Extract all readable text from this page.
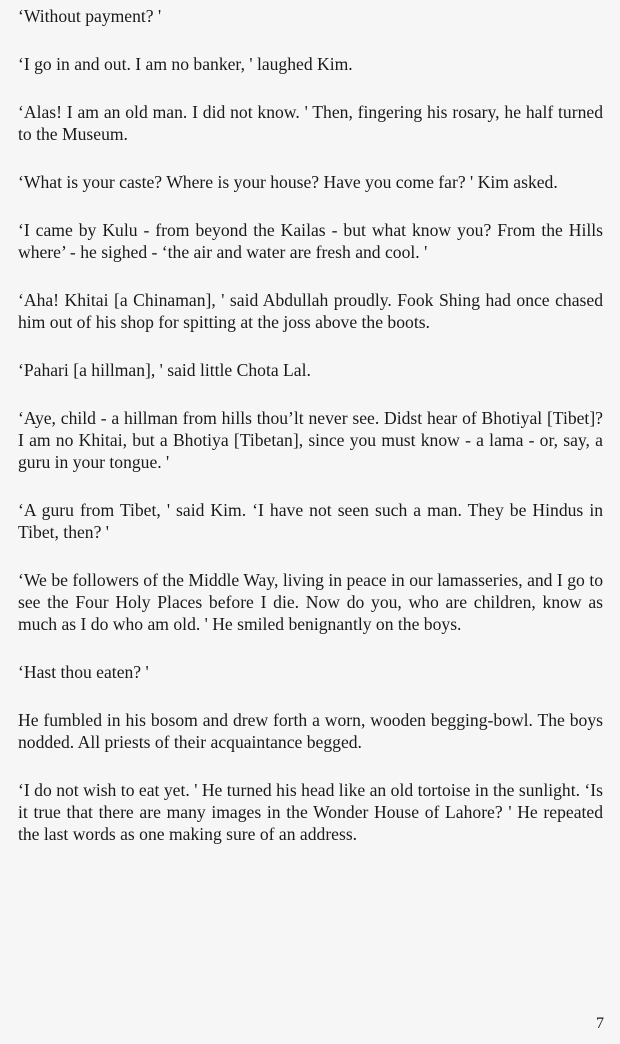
‘Without payment? '

‘I go in and out. I am no banker, ' laughed Kim.

‘Alas! I am an old man. I did not know. ' Then, fingering his rosary, he half turned to the Museum.

‘What is your caste? Where is your house? Have you come far? ' Kim asked.

‘I came by Kulu - from beyond the Kailas - but what know you? From the Hills where’ - he sighed - ‘the air and water are fresh and cool. '

‘Aha! Khitai [a Chinaman], ' said Abdullah proudly. Fook Shing had once chased him out of his shop for spitting at the joss above the boots.

‘Pahari [a hillman], ' said little Chota Lal.

‘Aye, child - a hillman from hills thou’lt never see. Didst hear of Bhotiyal [Tibet]? I am no Khitai, but a Bhotiya [Tibetan], since you must know - a lama - or, say, a guru in your tongue. '

‘A guru from Tibet, ' said Kim. ‘I have not seen such a man. They be Hindus in Tibet, then? '

‘We be followers of the Middle Way, living in peace in our lamasseries, and I go to see the Four Holy Places before I die. Now do you, who are children, know as much as I do who am old. ' He smiled benignantly on the boys.

‘Hast thou eaten? '

He fumbled in his bosom and drew forth a worn, wooden begging-bowl. The boys nodded. All priests of their acquaintance begged.

‘I do not wish to eat yet. ' He turned his head like an old tortoise in the sunlight. ‘Is it true that there are many images in the Wonder House of Lahore? ' He repeated the last words as one making sure of an address.

7
